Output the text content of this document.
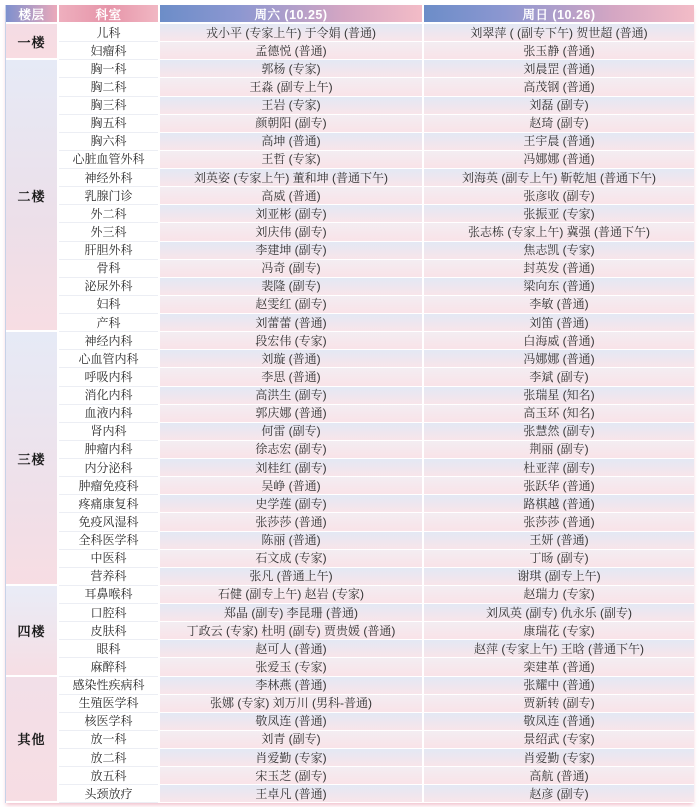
楼层	科室	周六 (10.25)	周日 (10.26)
一楼
儿科	戎小平 (专家上午) 于令娟 (普通)	刘翠萍 ( (副专下午) 贺世超 (普通)
妇瘤科	孟德悦 (普通)	张玉静 (普通)
二楼
胸一科	郭杨 (专家)	刘晨罡 (普通)
胸二科	王淼 (副专上午)	高茂钢 (普通)
胸三科	王岩 (专家)	刘磊 (副专)
胸五科	颜朝阳 (副专)	赵琦 (副专)
胸六科	高坤 (普通)	王宇晨 (普通)
心脏血管外科	王哲 (专家)	冯娜娜 (普通)
神经外科	刘英姿 (专家上午) 董和坤 (普通下午)	刘海英 (副专上午) 靳乾旭 (普通下午)
乳腺门诊	高威 (普通)	张彦收 (副专)
外二科	刘亚彬 (副专)	张振亚 (专家)
外三科	刘庆伟 (副专)	张志栋 (专家上午) 冀强 (普通下午)
肝胆外科	李建坤 (副专)	焦志凯 (专家)
骨科	冯奇 (副专)	封英发 (普通)
泌尿外科	裴隆 (副专)	梁向东 (普通)
妇科	赵雯红 (副专)	李敏 (普通)
产科	刘蕾蕾 (普通)	刘笛 (普通)
三楼
神经内科	段宏伟 (专家)	白海威 (普通)
心血管内科	刘璇 (普通)	冯娜娜 (普通)
呼吸内科	李思 (普通)	李斌 (副专)
消化内科	高洪生 (副专)	张瑞星 (知名)
血液内科	郭庆娜 (普通)	高玉环 (知名)
肾内科	何雷 (副专)	张慧然 (副专)
肿瘤内科	徐志宏 (副专)	荆丽 (副专)
内分泌科	刘桂红 (副专)	杜亚萍 (副专)
肿瘤免疫科	吴峥 (普通)	张跃华 (普通)
疼痛康复科	史学莲 (副专)	路棋越 (普通)
免疫风湿科	张莎莎 (普通)	张莎莎 (普通)
全科医学科	陈丽 (普通)	王妍 (普通)
中医科	石文成 (专家)	丁旸 (副专)
营养科	张凡 (普通上午)	谢琪 (副专上午)
四楼
耳鼻喉科	石健 (副专上午) 赵岩 (专家)	赵瑞力 (专家)
口腔科	郑晶 (副专) 李昆珊 (普通)	刘凤英 (副专) 仇永乐 (副专)
皮肤科	丁政云 (专家) 杜明 (副专) 贾贵媛 (普通)	康瑞花 (专家)
眼科	赵可人 (普通)	赵萍 (专家上午) 王晗 (普通下午)
麻醉科	张爱玉 (专家)	栾建革 (普通)
其他
感染性疾病科	李林燕 (普通)	张耀中 (普通)
生殖医学科	张娜 (专家) 刘万川 (男科-普通)	贾新转 (副专)
核医学科	敬凤连 (普通)	敬凤连 (普通)
放一科	刘青 (副专)	景绍武 (专家)
放二科	肖爱勤 (专家)	肖爱勤 (专家)
放五科	宋玉芝 (副专)	高航 (普通)
头颈放疗	王卓凡 (普通)	赵彦 (副专)
